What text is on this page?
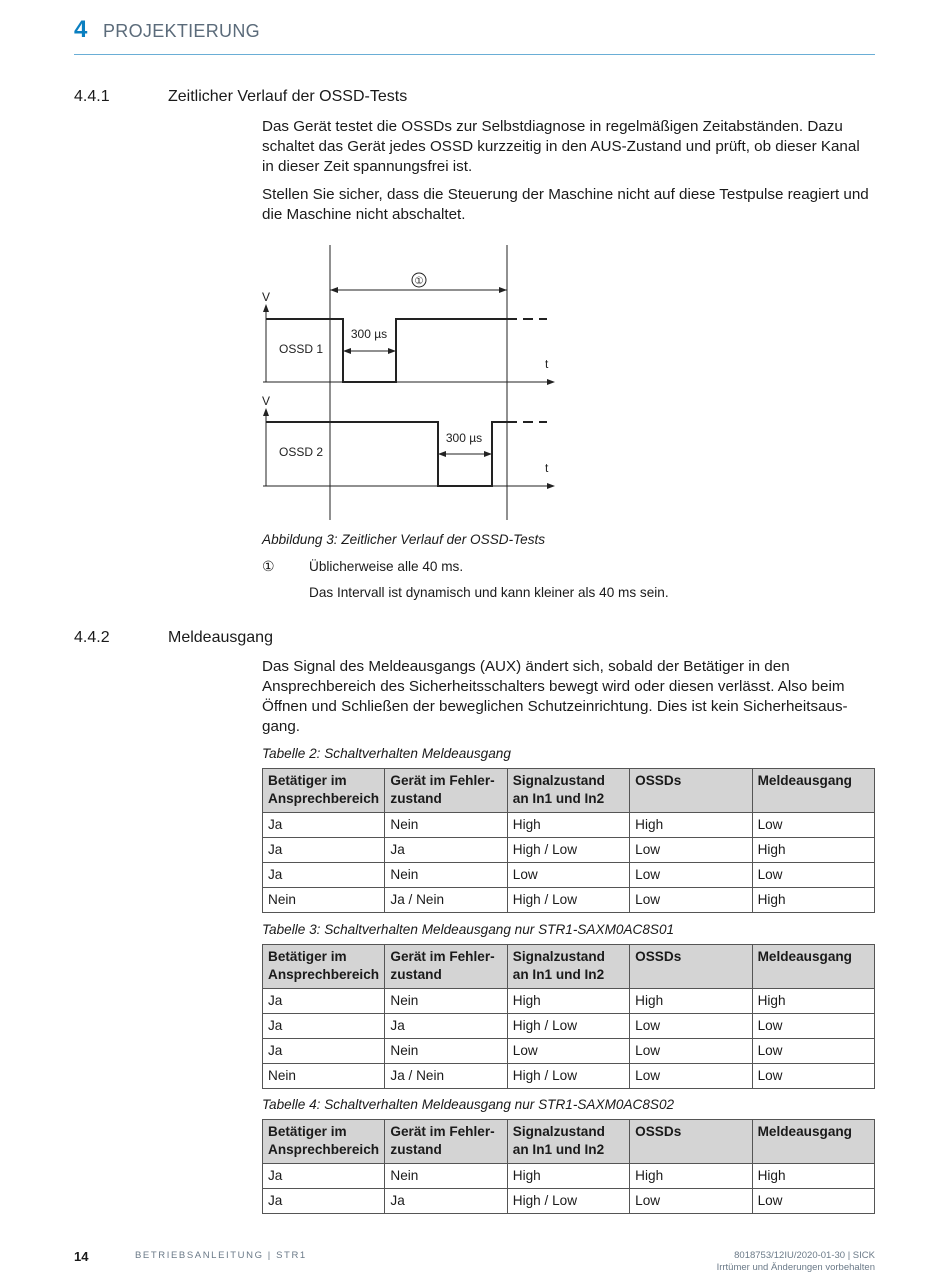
4 PROJEKTIERUNG
4.4.1	Zeitlicher Verlauf der OSSD-Tests

Das Gerät testet die OSSDs zur Selbstdiagnose in regelmäßigen Zeitabständen. Dazu schaltet das Gerät jedes OSSD kurzzeitig in den AUS-Zustand und prüft, ob dieser Kanal in dieser Zeit spannungsfrei ist.

Stellen Sie sicher, dass die Steuerung der Maschine nicht auf diese Testpulse reagiert und die Maschine nicht abschaltet.

①
V
t
OSSD 1
300 µs
V
t
OSSD 2
300 µs
Abbildung 3: Zeitlicher Verlauf der OSSD-Tests
①	Üblicherweise alle 40 ms.
Das Intervall ist dynamisch und kann kleiner als 40 ms sein.
4.4.2	Meldeausgang

Das Signal des Meldeausgangs (AUX) ändert sich, sobald der Betätiger in den Ansprechbereich des Sicherheitsschalters bewegt wird oder diesen verlässt. Also beim Öffnen und Schließen der beweglichen Schutzeinrichtung. Dies ist kein Sicherheitsaus-gang.

Tabelle 2: Schaltverhalten Meldeausgang
Betätiger im Ansprechbereich	Gerät im Fehler-zustand	Signalzustand an In1 und In2	OSSDs	Meldeausgang
Ja	Nein	High	High	Low
Ja	Ja	High / Low	Low	High
Ja	Nein	Low	Low	Low
Nein	Ja / Nein	High / Low	Low	High
Tabelle 3: Schaltverhalten Meldeausgang nur STR1-SAXM0AC8S01
Betätiger im Ansprechbereich	Gerät im Fehler-zustand	Signalzustand an In1 und In2	OSSDs	Meldeausgang
Ja	Nein	High	High	High
Ja	Ja	High / Low	Low	Low
Ja	Nein	Low	Low	Low
Nein	Ja / Nein	High / Low	Low	Low
Tabelle 4: Schaltverhalten Meldeausgang nur STR1-SAXM0AC8S02
Betätiger im Ansprechbereich	Gerät im Fehler-zustand	Signalzustand an In1 und In2	OSSDs	Meldeausgang
Ja	Nein	High	High	High
Ja	Ja	High / Low	Low	Low
14	BETRIEBSANLEITUNG | STR1	8018753/12IU/2020-01-30 | SICK
Irrtümer und Änderungen vorbehalten
